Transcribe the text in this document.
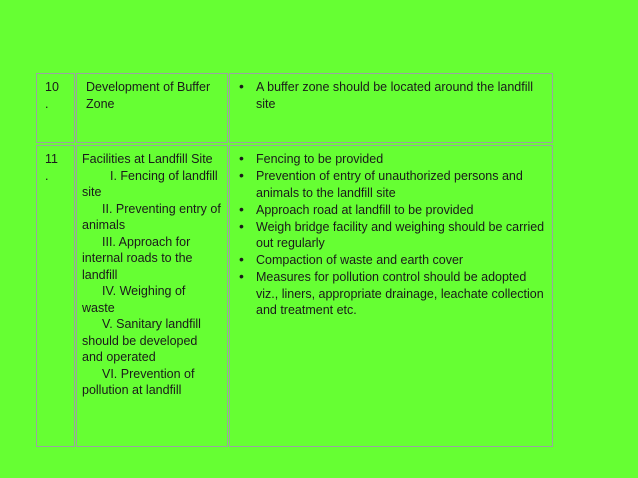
10
.
Development of Buffer Zone
• A buffer zone should be located around the landfill site
11
.
Facilities at Landfill Site
I. Fencing of landfill site
II. Preventing entry of animals
III. Approach for internal roads to the landfill
IV. Weighing of waste
V. Sanitary landfill should be developed and operated
VI. Prevention of pollution at landfill
• Fencing to be provided
• Prevention of entry of unauthorized persons and animals to the landfill site
• Approach road at landfill to be provided
• Weigh bridge facility and weighing should be carried out regularly
• Compaction of waste and earth cover
• Measures for pollution control should be adopted viz., liners, appropriate drainage, leachate collection and treatment etc.
